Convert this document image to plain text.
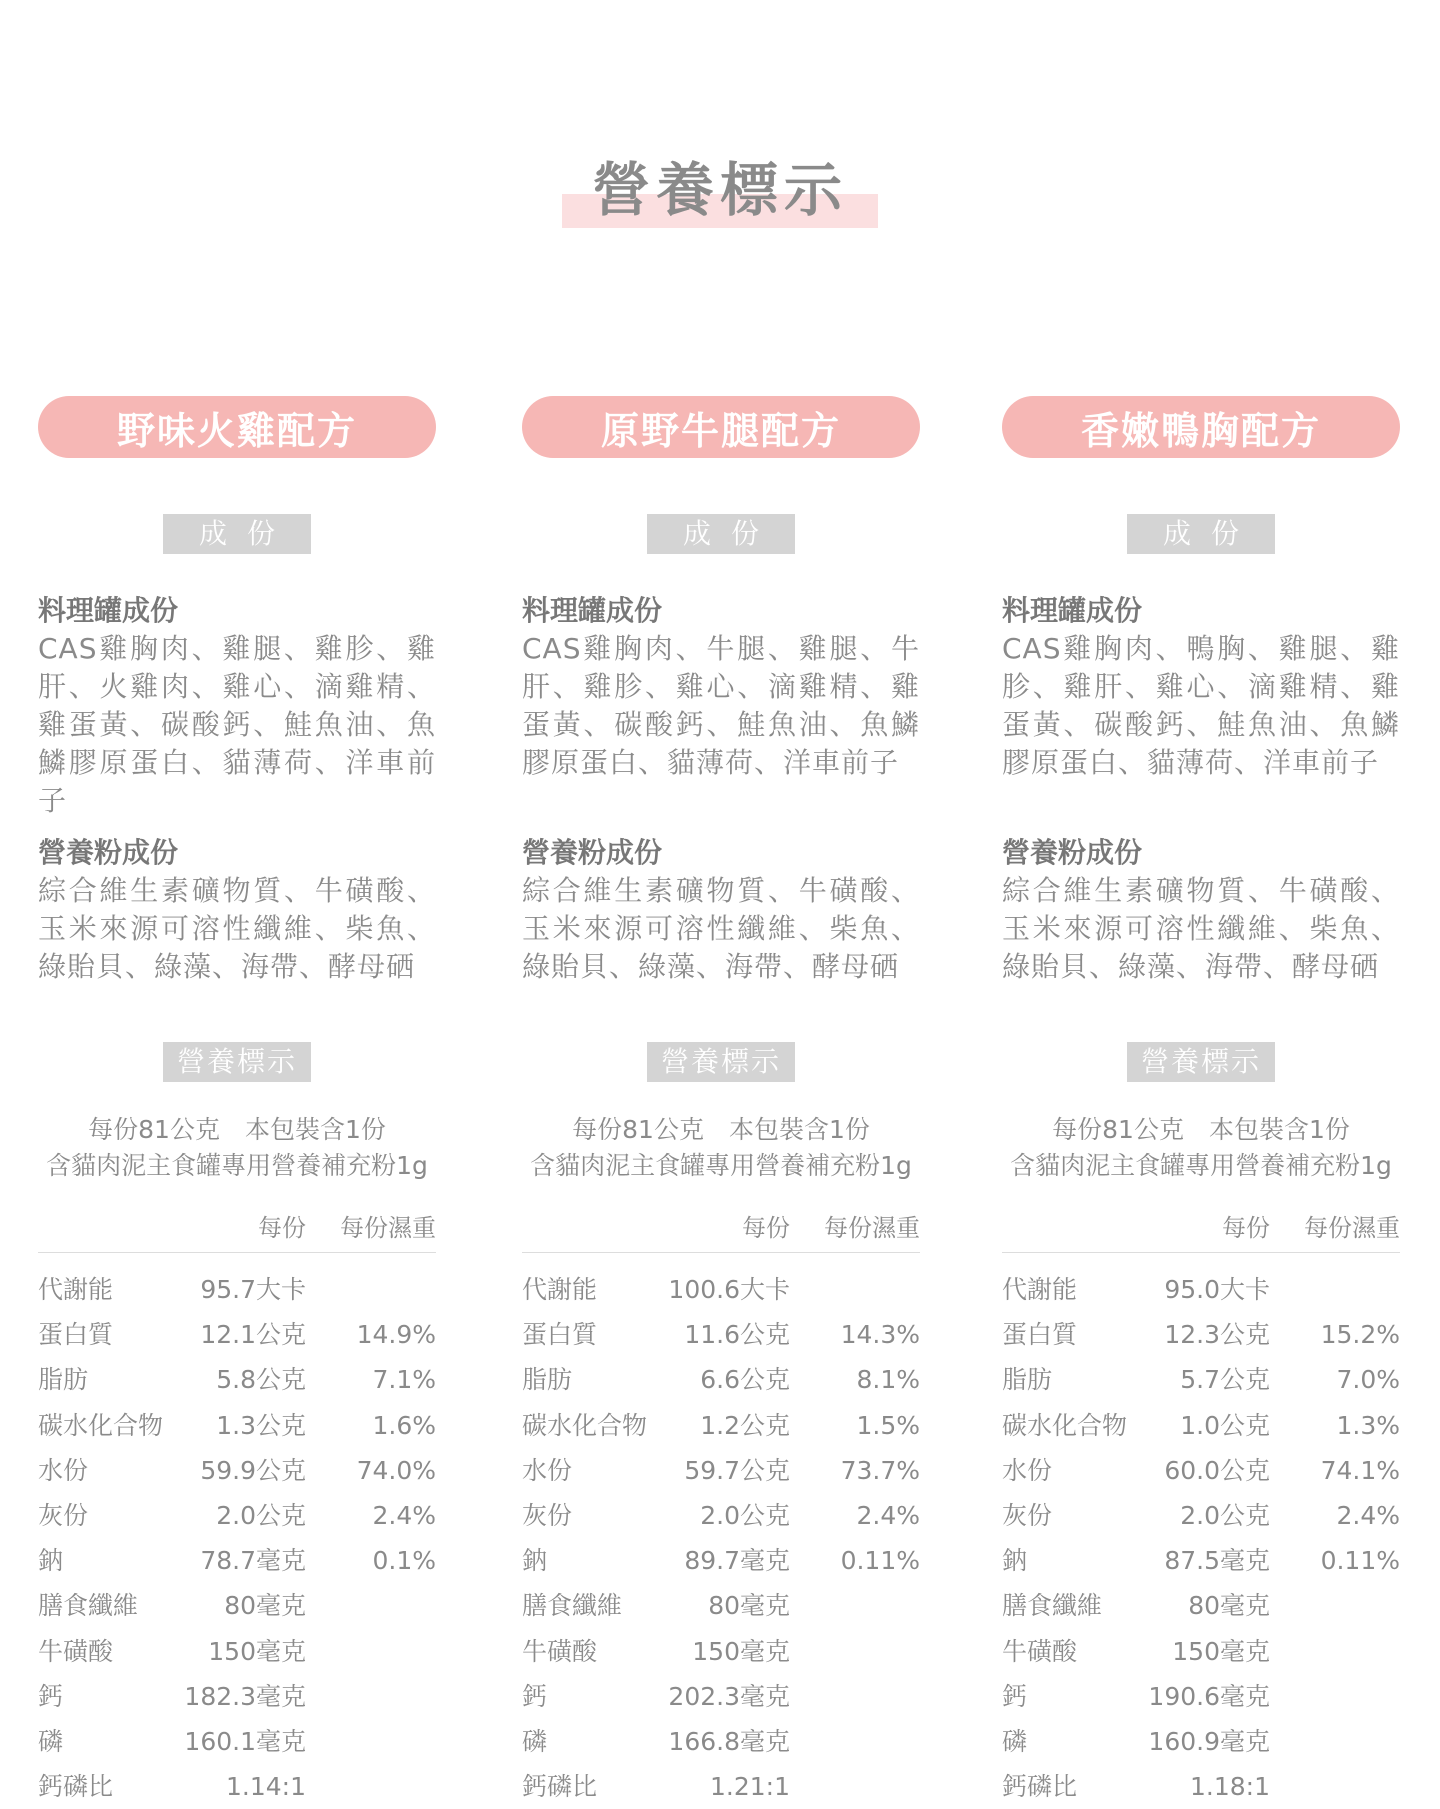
營養標示
野味火雞配方
成份
料理罐成份
CAS雞胸肉、雞腿、雞胗、雞肝、火雞肉、雞心、滴雞精、雞蛋黃、碳酸鈣、鮭魚油、魚鱗膠原蛋白、貓薄荷、洋車前子
營養粉成份
綜合維生素礦物質、牛磺酸、玉米來源可溶性纖維、柴魚、綠貽貝、綠藻、海帶、酵母硒
營養標示
每份81公克　本包裝含1份
含貓肉泥主食罐專用營養補充粉1g
每份	每份濕重
代謝能	95.7大卡
蛋白質	12.1公克	14.9%
脂肪	5.8公克	7.1%
碳水化合物	1.3公克	1.6%
水份	59.9公克	74.0%
灰份	2.0公克	2.4%
鈉	78.7毫克	0.1%
膳食纖維	80毫克
牛磺酸	150毫克
鈣	182.3毫克
磷	160.1毫克
鈣磷比	1.14:1
原野牛腿配方
成份
料理罐成份
CAS雞胸肉、牛腿、雞腿、牛肝、雞胗、雞心、滴雞精、雞蛋黃、碳酸鈣、鮭魚油、魚鱗膠原蛋白、貓薄荷、洋車前子
營養粉成份
綜合維生素礦物質、牛磺酸、玉米來源可溶性纖維、柴魚、綠貽貝、綠藻、海帶、酵母硒
營養標示
每份81公克　本包裝含1份
含貓肉泥主食罐專用營養補充粉1g
每份	每份濕重
代謝能	100.6大卡
蛋白質	11.6公克	14.3%
脂肪	6.6公克	8.1%
碳水化合物	1.2公克	1.5%
水份	59.7公克	73.7%
灰份	2.0公克	2.4%
鈉	89.7毫克	0.11%
膳食纖維	80毫克
牛磺酸	150毫克
鈣	202.3毫克
磷	166.8毫克
鈣磷比	1.21:1
香嫩鴨胸配方
成份
料理罐成份
CAS雞胸肉、鴨胸、雞腿、雞胗、雞肝、雞心、滴雞精、雞蛋黃、碳酸鈣、鮭魚油、魚鱗膠原蛋白、貓薄荷、洋車前子
營養粉成份
綜合維生素礦物質、牛磺酸、玉米來源可溶性纖維、柴魚、綠貽貝、綠藻、海帶、酵母硒
營養標示
每份81公克　本包裝含1份
含貓肉泥主食罐專用營養補充粉1g
每份	每份濕重
代謝能	95.0大卡
蛋白質	12.3公克	15.2%
脂肪	5.7公克	7.0%
碳水化合物	1.0公克	1.3%
水份	60.0公克	74.1%
灰份	2.0公克	2.4%
鈉	87.5毫克	0.11%
膳食纖維	80毫克
牛磺酸	150毫克
鈣	190.6毫克
磷	160.9毫克
鈣磷比	1.18:1
